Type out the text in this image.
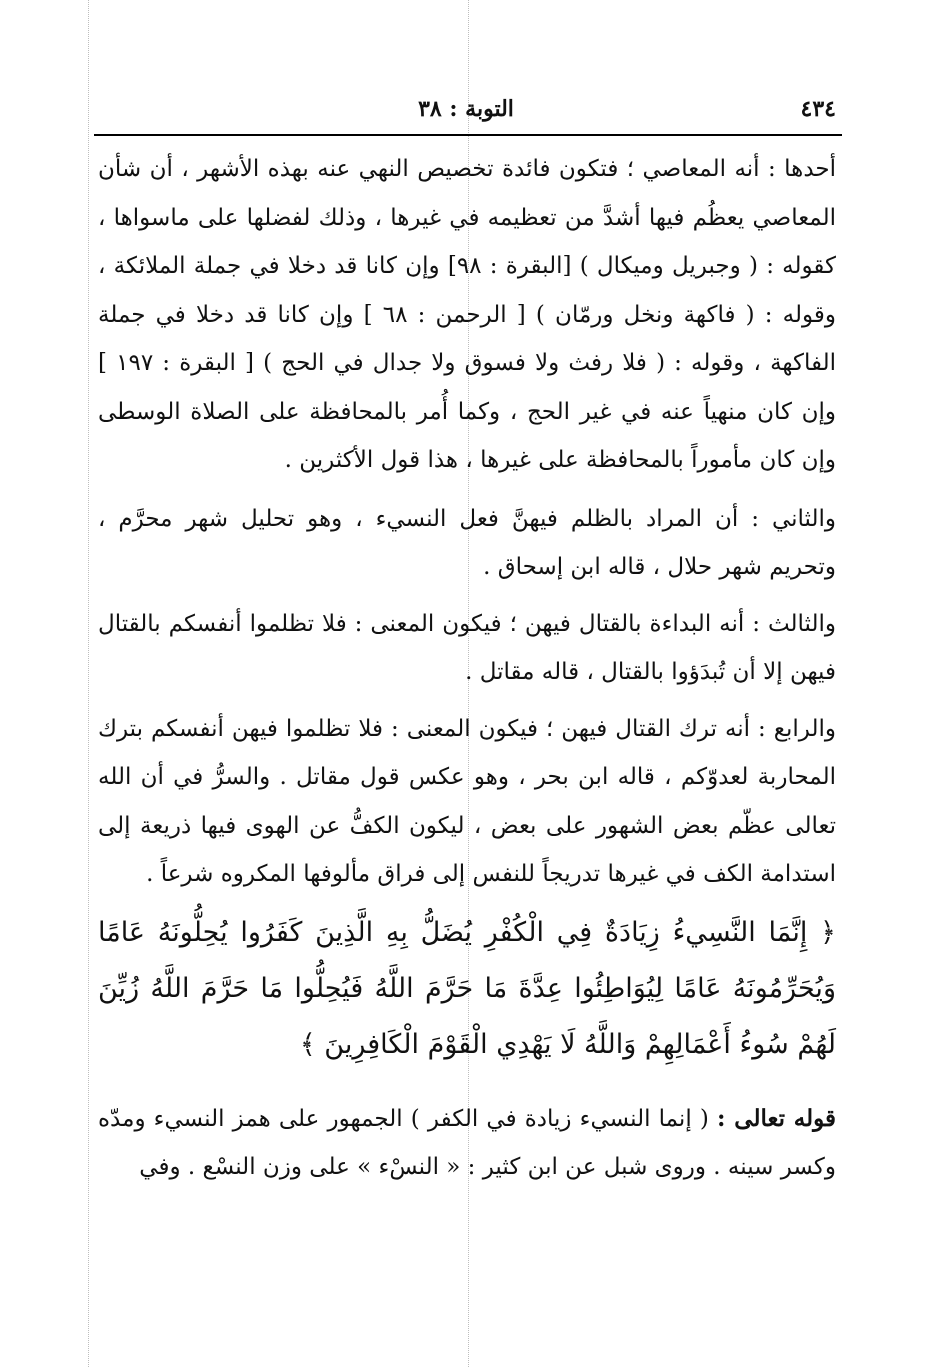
التوبة : ٣٨	٤٣٤

أحدها : أنه المعاصي ؛ فتكون فائدة تخصيص النهي عنه بهذه الأشهر ، أن شأن المعاصي يعظُم فيها أشدَّ من تعظيمه في غيرها ، وذلك لفضلها على ماسواها ، كقوله : ( وجبريل وميكال ) [البقرة : ٩٨] وإن كانا قد دخلا في جملة الملائكة ، وقوله : ( فاكهة ونخل ورمّان ) [ الرحمن : ٦٨ ] وإن كانا قد دخلا في جملة الفاكهة ، وقوله : ( فلا رفث ولا فسوق ولا جدال في الحج ) [ البقرة : ١٩٧ ] وإن كان منهياً عنه في غير الحج ، وكما أُمر بالمحافظة على الصلاة الوسطى وإن كان مأموراً بالمحافظة على غيرها ، هذا قول الأكثرين .

والثاني : أن المراد بالظلم فيهنَّ فعل النسيء ، وهو تحليل شهر محرَّم ، وتحريم شهر حلال ، قاله ابن إسحاق .

والثالث : أنه البداءة بالقتال فيهن ؛ فيكون المعنى : فلا تظلموا أنفسكم بالقتال فيهن إلا أن تُبدَؤوا بالقتال ، قاله مقاتل .

والرابع : أنه ترك القتال فيهن ؛ فيكون المعنى : فلا تظلموا فيهن أنفسكم بترك المحاربة لعدوّكم ، قاله ابن بحر ، وهو عكس قول مقاتل . والسرُّ في أن الله تعالى عظّم بعض الشهور على بعض ، ليكون الكفُّ عن الهوى فيها ذريعة إلى استدامة الكف في غيرها تدريجاً للنفس إلى فراق مألوفها المكروه شرعاً .

﴿ إِنَّمَا النَّسِيءُ زِيَادَةٌ فِي الْكُفْرِ يُضَلُّ بِهِ الَّذِينَ كَفَرُوا يُحِلُّونَهُ عَامًا وَيُحَرِّمُونَهُ عَامًا لِيُوَاطِئُوا عِدَّةَ مَا حَرَّمَ اللَّهُ فَيُحِلُّوا مَا حَرَّمَ اللَّهُ زُيِّنَ لَهُمْ سُوءُ أَعْمَالِهِمْ وَاللَّهُ لَا يَهْدِي الْقَوْمَ الْكَافِرِينَ ﴾

قوله تعالى : ( إنما النسيء زيادة في الكفر ) الجمهور على همز النسيء ومدّه وكسر سينه . وروى شبل عن ابن كثير : « النسْء » على وزن النسْع . وفي
